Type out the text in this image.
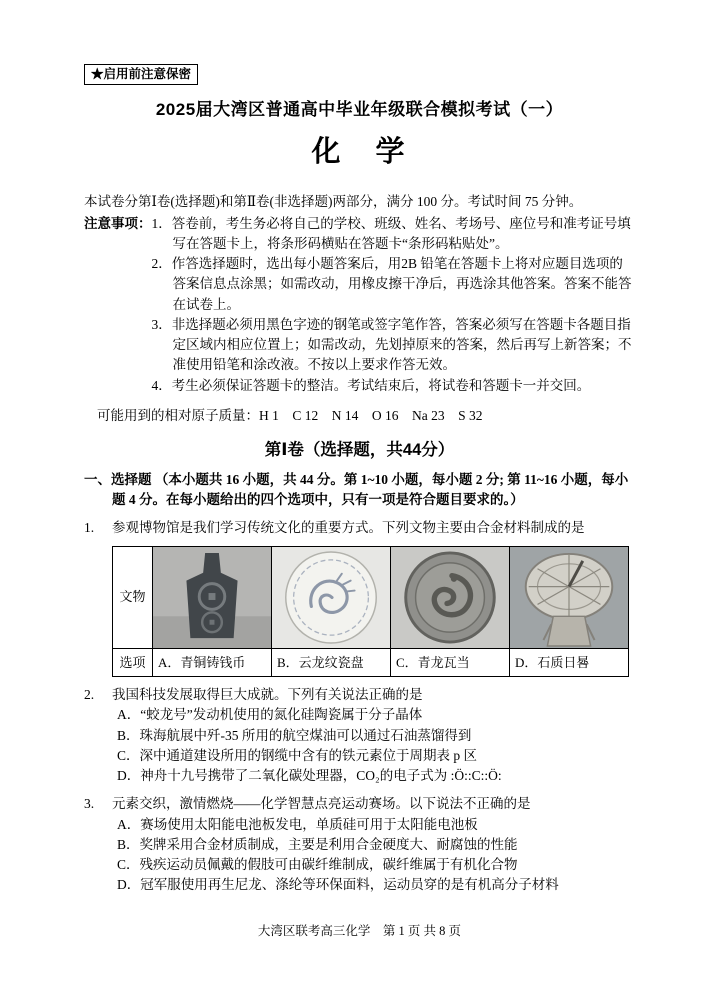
★启用前注意保密
2025届大湾区普通高中毕业年级联合模拟考试（一）
化　学

本试卷分第Ⅰ卷(选择题)和第Ⅱ卷(非选择题)两部分，满分 100 分。考试时间 75 分钟。

注意事项： 1．答卷前，考生务必将自己的学校、班级、姓名、考场号、座位号和准考证号填写在答题卡上，将条形码横贴在答题卡“条形码粘贴处”。

2．作答选择题时，选出每小题答案后，用2B 铅笔在答题卡上将对应题目选项的答案信息点涂黑；如需改动，用橡皮擦干净后，再选涂其他答案。答案不能答在试卷上。

3．非选择题必须用黑色字迹的钢笔或签字笔作答，答案必须写在答题卡各题目指定区域内相应位置上；如需改动，先划掉原来的答案，然后再写上新答案；不准使用铅笔和涂改液。不按以上要求作答无效。

4．考生必须保证答题卡的整洁。考试结束后，将试卷和答题卡一并交回。

可能用到的相对原子质量：H 1　C 12　N 14　O 16　Na 23　S 32

第Ⅰ卷（选择题，共44分）

一、选择题 （本小题共 16 小题，共 44 分。第 1~10 小题，每小题 2 分; 第 11~16 小题，每小题 4 分。在每小题给出的四个选项中，只有一项是符合题目要求的。）

1.	参观博物馆是我们学习传统文化的重要方式。下列文物主要由合金材料制成的是
文物	

选项	A．青铜铸钱币	B．云龙纹瓷盘	C．青龙瓦当	D．石质日晷
2.	我国科技发展取得巨大成就。下列有关说法正确的是

A．“蛟龙号”发动机使用的氮化硅陶瓷属于分子晶体

B．珠海航展中歼-35 所用的航空煤油可以通过石油蒸馏得到

C．深中通道建设所用的钢缆中含有的铁元素位于周期表 p 区

D．神舟十九号携带了二氧化碳处理器，CO₂的电子式为 :Ö::C::Ö:

3.	元素交织，激情燃烧——化学智慧点亮运动赛场。以下说法不正确的是

A．赛场使用太阳能电池板发电，单质硅可用于太阳能电池板

B．奖牌采用合金材质制成，主要是利用合金硬度大、耐腐蚀的性能

C．残疾运动员佩戴的假肢可由碳纤维制成，碳纤维属于有机化合物

D．冠军服使用再生尼龙、涤纶等环保面料，运动员穿的是有机高分子材料

大湾区联考高三化学　第 1 页 共 8 页
